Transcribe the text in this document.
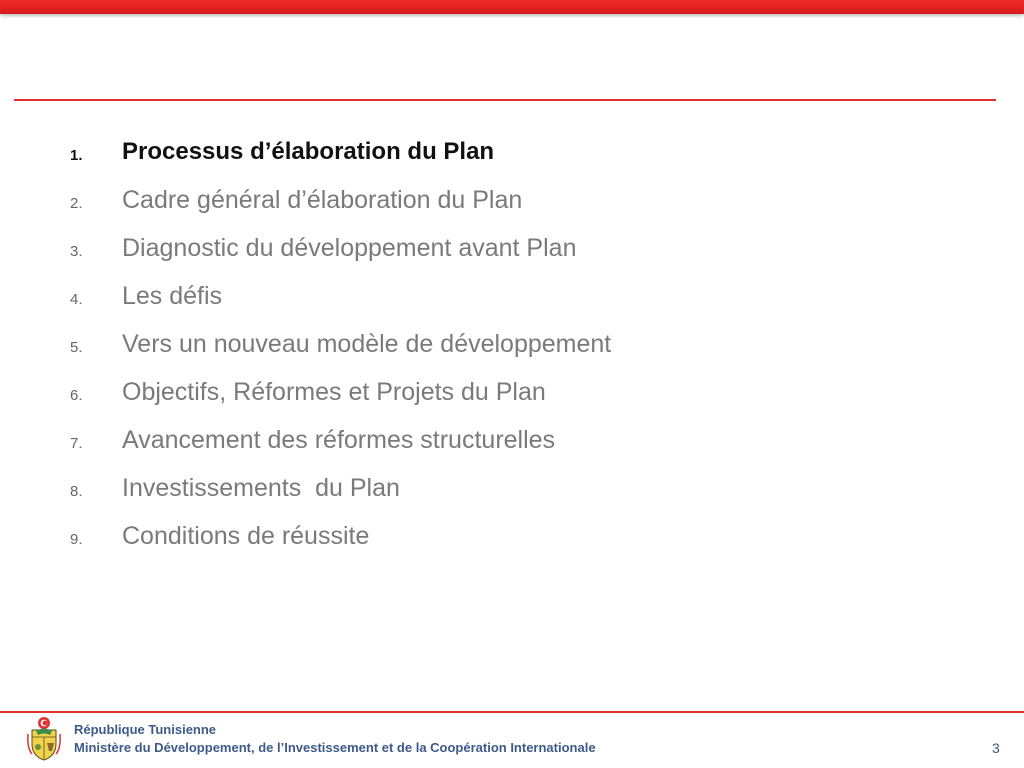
1. Processus d’élaboration du Plan
2. Cadre général d’élaboration du Plan
3. Diagnostic du développement avant Plan
4. Les défis
5. Vers un nouveau modèle de développement
6. Objectifs, Réformes et Projets du Plan
7. Avancement des réformes structurelles
8. Investissements  du Plan
9. Conditions de réussite
République Tunisienne
Ministère du Développement, de l’Investissement et de la Coopération Internationale	3
